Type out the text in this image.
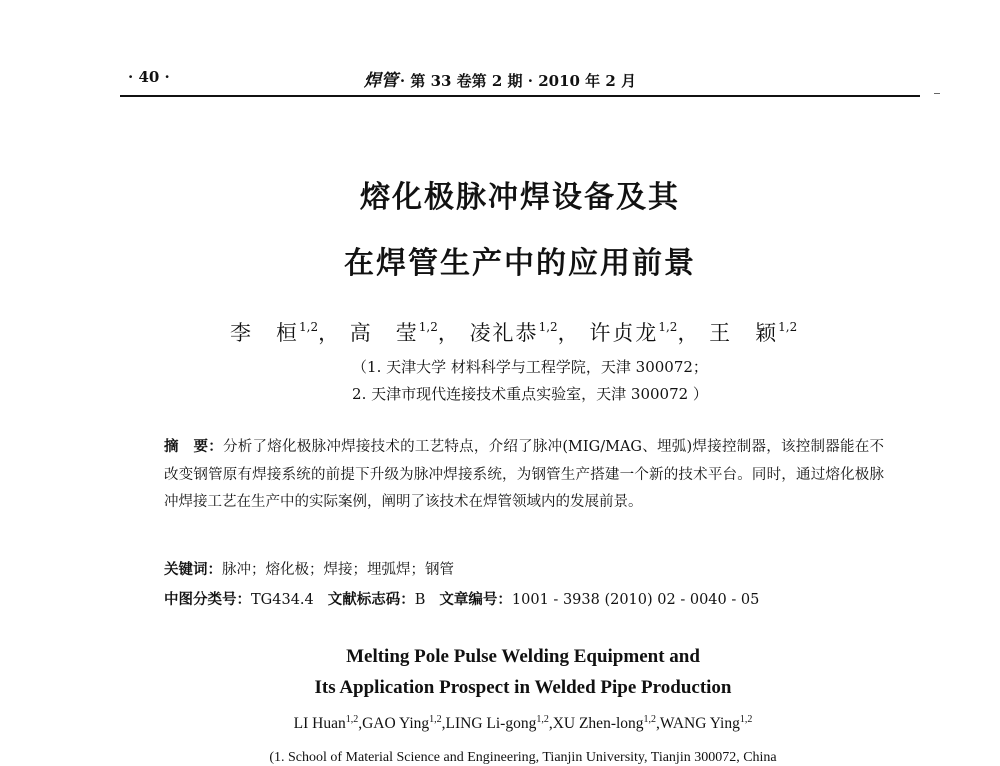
· 40 ·	焊管 · 第 33 卷第 2 期 · 2010 年 2 月
熔化极脉冲焊设备及其
在焊管生产中的应用前景
李　桓$^{1,2}$， 高　莹$^{1,2}$， 凌礼恭$^{1,2}$， 许贞龙$^{1,2}$， 王　颖$^{1,2}$
（1. 天津大学 材料科学与工程学院，天津 300072；
2. 天津市现代连接技术重点实验室，天津 300072 ）
摘　要：分析了熔化极脉冲焊接技术的工艺特点，介绍了脉冲(MIG/MAG、埋弧)焊接控制器，该控制器能在不改变钢管原有焊接系统的前提下升级为脉冲焊接系统，为钢管生产搭建一个新的技术平台。同时，通过熔化极脉冲焊接工艺在生产中的实际案例，阐明了该技术在焊管领域内的发展前景。
关键词：脉冲；熔化极；焊接；埋弧焊；钢管
中图分类号：TG434.4 文献标志码：B 文章编号：1001 - 3938 (2010) 02 - 0040 - 05
Melting Pole Pulse Welding Equipment and
Its Application Prospect in Welded Pipe Production
LI Huan$^{1,2}$,GAO Ying$^{1,2}$,LING Li-gong$^{1,2}$,XU Zhen-long$^{1,2}$,WANG Ying$^{1,2}$
(1. School of Material Science and Engineering, Tianjin University, Tianjin 300072, China
